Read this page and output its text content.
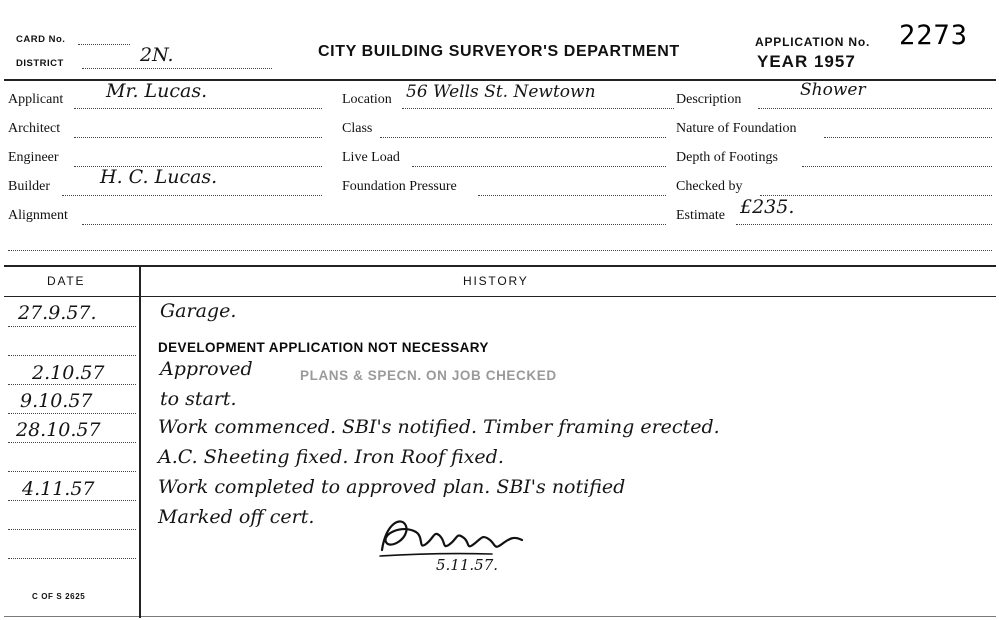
CARD No.
DISTRICT	2N.	CITY BUILDING SURVEYOR'S DEPARTMENT
APPLICATION No. 2273
YEAR 1957
Applicant Mr. Lucas.	Location 56 Wells St. Newtown	Description	Shower
Architect	Class	Nature of Foundation
Engineer	Live Load	Depth of Footings
Builder	H. C. Lucas.	Foundation Pressure	Checked by
Alignment	Estimate £235.
DATE	HISTORY
27.9.57.	Garage.
DEVELOPMENT APPLICATION NOT NECESSARY
2.10.57	Approved	PLANS & SPECN. ON JOB CHECKED
9.10.57	to start.
28.10.57	Work commenced. SBI's notified. Timber framing erected.
A.C. Sheeting fixed. Iron Roof fixed.
4.11.57	Work completed to approved plan. SBI's notified
Marked off cert.
5.11.57.
C OF S 2625
